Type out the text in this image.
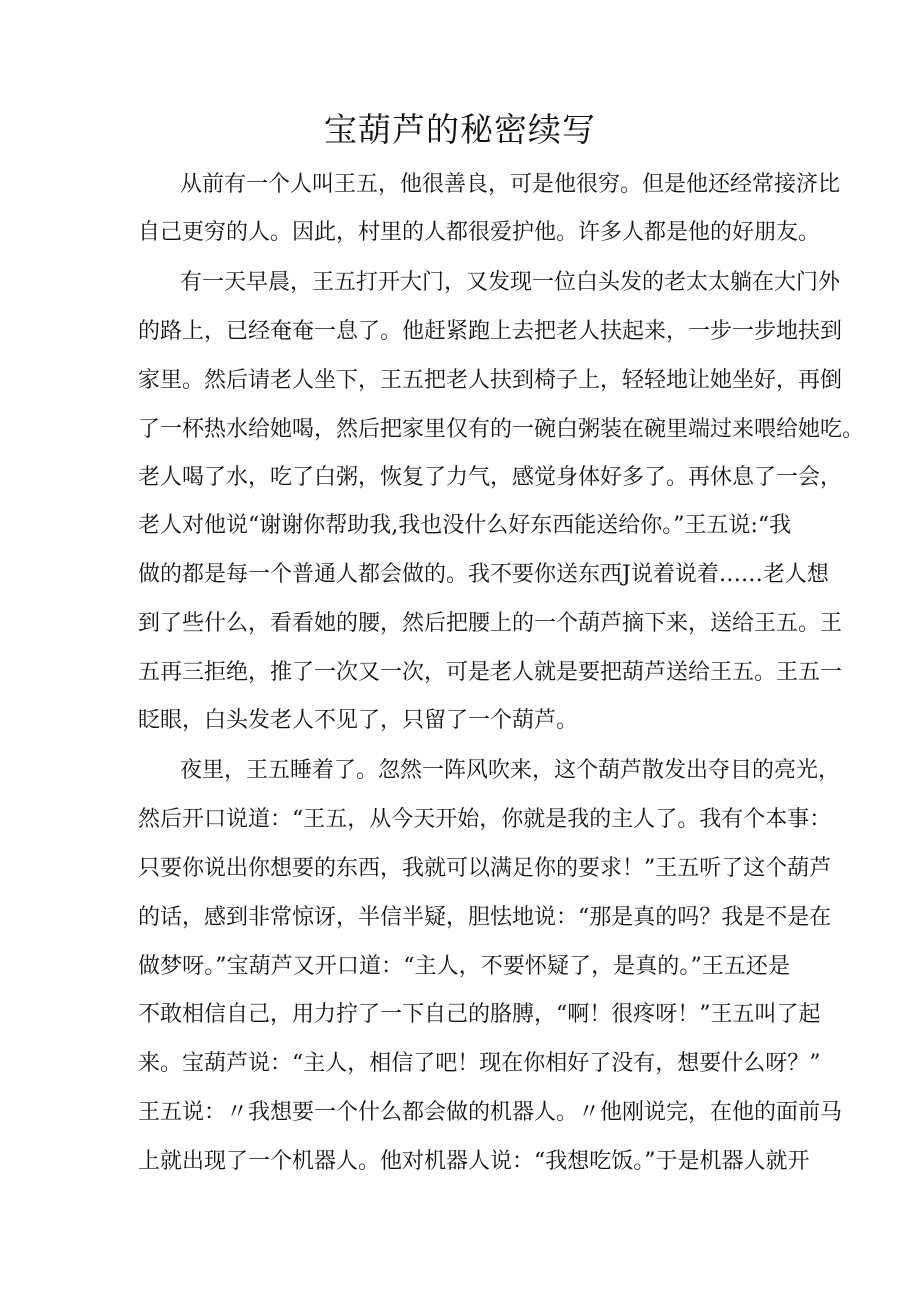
宝葫芦的秘密续写

从前有一个人叫王五，他很善良，可是他很穷。但是他还经常接济比

自己更穷的人。因此，村里的人都很爱护他。许多人都是他的好朋友。

有一天早晨，王五打开大门，又发现一位白头发的老太太躺在大门外

的路上，已经奄奄一息了。他赶紧跑上去把老人扶起来，一步一步地扶到

家里。然后请老人坐下，王五把老人扶到椅子上，轻轻地让她坐好，再倒

了一杯热水给她喝，然后把家里仅有的一碗白粥装在碗里端过来喂给她吃。

老人喝了水，吃了白粥，恢复了力气，感觉身体好多了。再休息了一会，

老人对他说“谢谢你帮助我,我也没什么好东西能送给你。”王五说:“我

做的都是每一个普通人都会做的。我不要你送东西J说着说着……老人想

到了些什么，看看她的腰，然后把腰上的一个葫芦摘下来，送给王五。王

五再三拒绝，推了一次又一次，可是老人就是要把葫芦送给王五。王五一

眨眼，白头发老人不见了，只留了一个葫芦。

夜里，王五睡着了。忽然一阵风吹来，这个葫芦散发出夺目的亮光，

然后开口说道：“王五，从今天开始，你就是我的主人了。我有个本事：

只要你说出你想要的东西，我就可以满足你的要求！”王五听了这个葫芦

的话，感到非常惊讶，半信半疑，胆怯地说：“那是真的吗？我是不是在

做梦呀。”宝葫芦又开口道：“主人，不要怀疑了，是真的。”王五还是

不敢相信自己，用力拧了一下自己的胳膊，“啊！很疼呀！”王五叫了起

来。宝葫芦说：“主人，相信了吧！现在你相好了没有，想要什么呀？”

王五说：〃我想要一个什么都会做的机器人。〃他刚说完，在他的面前马

上就出现了一个机器人。他对机器人说：“我想吃饭。”于是机器人就开
